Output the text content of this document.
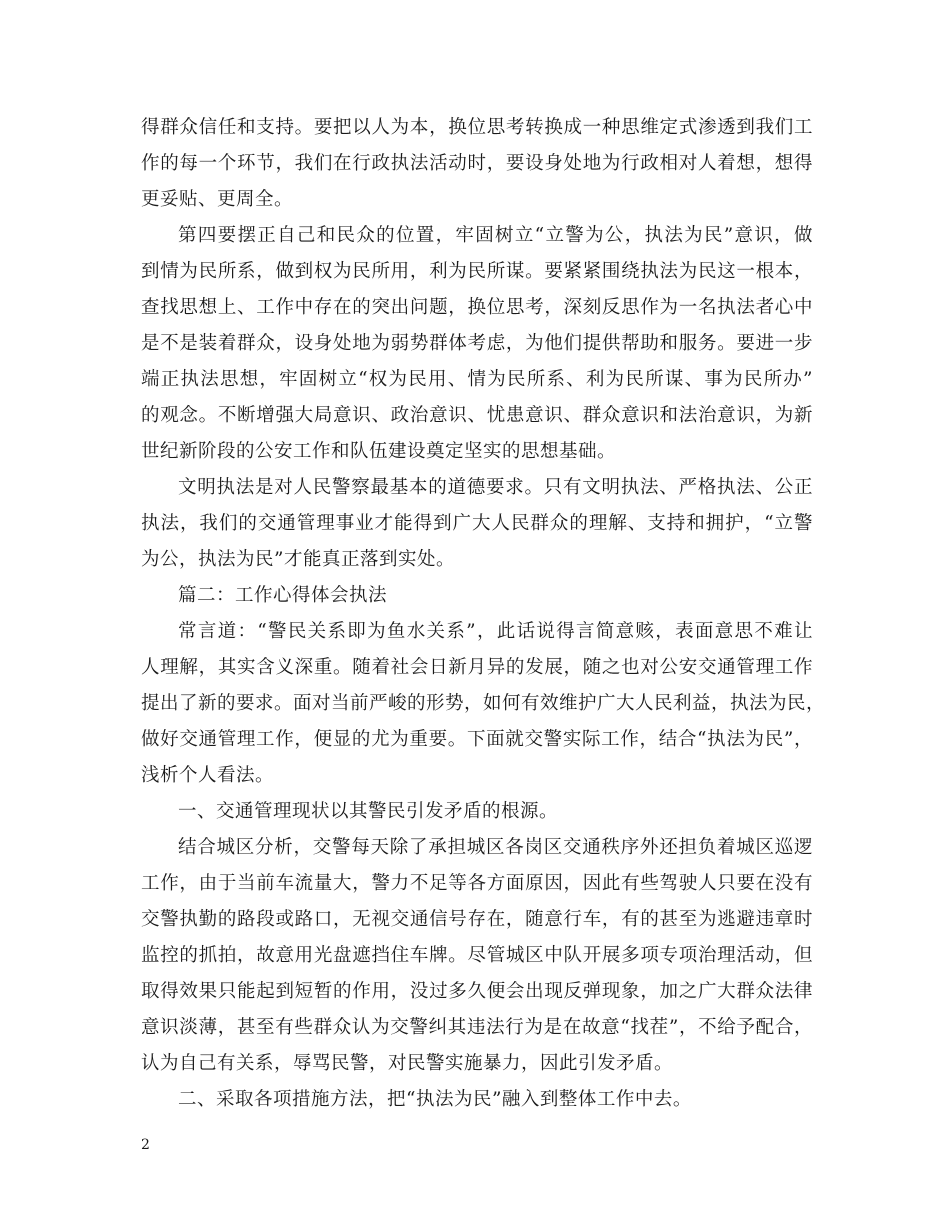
得群众信任和支持。要把以人为本，换位思考转换成一种思维定式渗透到我们工
作的每一个环节，我们在行政执法活动时，要设身处地为行政相对人着想，想得
更妥贴、更周全。
第四要摆正自己和民众的位置，牢固树立“立警为公，执法为民”意识，做
到情为民所系，做到权为民所用，利为民所谋。要紧紧围绕执法为民这一根本，
查找思想上、工作中存在的突出问题，换位思考，深刻反思作为一名执法者心中
是不是装着群众，设身处地为弱势群体考虑，为他们提供帮助和服务。要进一步
端正执法思想，牢固树立“权为民用、情为民所系、利为民所谋、事为民所办”
的观念。不断增强大局意识、政治意识、忧患意识、群众意识和法治意识，为新
世纪新阶段的公安工作和队伍建设奠定坚实的思想基础。
文明执法是对人民警察最基本的道德要求。只有文明执法、严格执法、公正
执法，我们的交通管理事业才能得到广大人民群众的理解、支持和拥护，“立警
为公，执法为民”才能真正落到实处。
篇二：工作心得体会执法
常言道：“警民关系即为鱼水关系”，此话说得言简意赅，表面意思不难让
人理解，其实含义深重。随着社会日新月异的发展，随之也对公安交通管理工作
提出了新的要求。面对当前严峻的形势，如何有效维护广大人民利益，执法为民，
做好交通管理工作，便显的尤为重要。下面就交警实际工作，结合“执法为民”，
浅析个人看法。
一、交通管理现状以其警民引发矛盾的根源。
结合城区分析，交警每天除了承担城区各岗区交通秩序外还担负着城区巡逻
工作，由于当前车流量大，警力不足等各方面原因，因此有些驾驶人只要在没有
交警执勤的路段或路口，无视交通信号存在，随意行车，有的甚至为逃避违章时
监控的抓拍，故意用光盘遮挡住车牌。尽管城区中队开展多项专项治理活动，但
取得效果只能起到短暂的作用，没过多久便会出现反弹现象，加之广大群众法律
意识淡薄，甚至有些群众认为交警纠其违法行为是在故意“找茬”，不给予配合，
认为自己有关系，辱骂民警，对民警实施暴力，因此引发矛盾。
二、采取各项措施方法，把“执法为民”融入到整体工作中去。
2
